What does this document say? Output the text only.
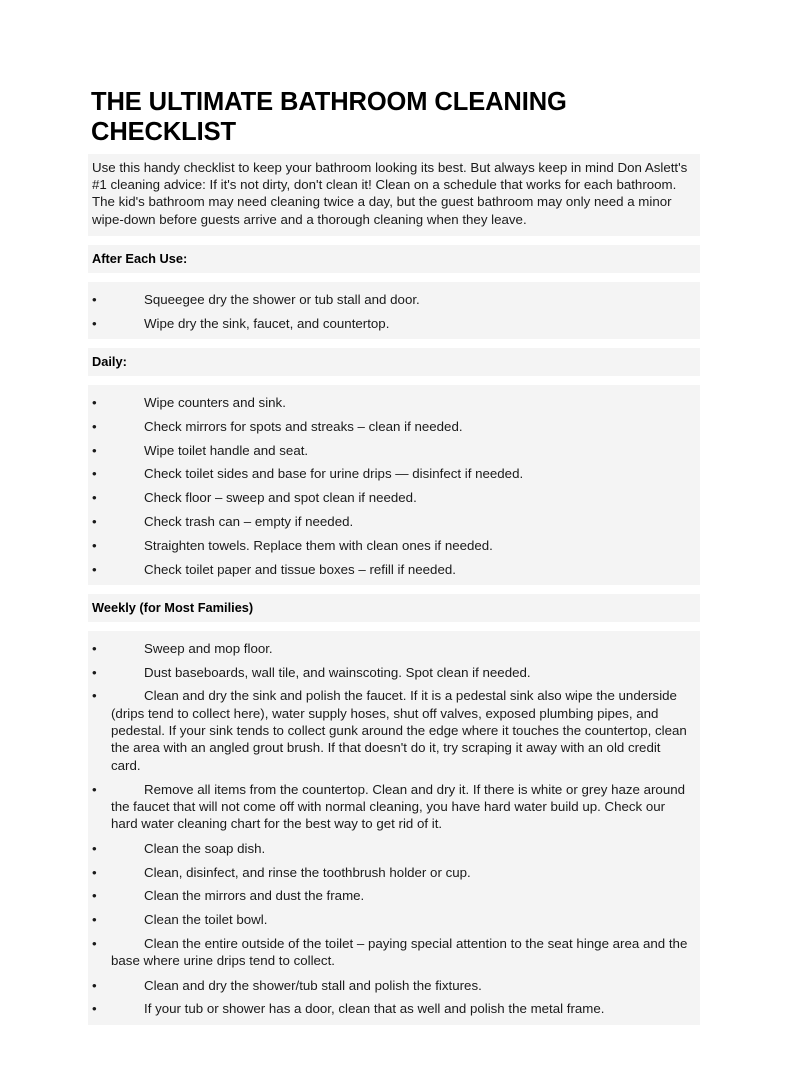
THE ULTIMATE BATHROOM CLEANING CHECKLIST

Use this handy checklist to keep your bathroom looking its best. But always keep in mind Don Aslett's #1 cleaning advice: If it's not dirty, don't clean it! Clean on a schedule that works for each bathroom. The kid's bathroom may need cleaning twice a day, but the guest bathroom may only need a minor wipe-down before guests arrive and a thorough cleaning when they leave.

After Each Use:
•	Squeegee dry the shower or tub stall and door.
•	Wipe dry the sink, faucet, and countertop.
Daily:
•	Wipe counters and sink.
•	Check mirrors for spots and streaks – clean if needed.
•	Wipe toilet handle and seat.
•	Check toilet sides and base for urine drips — disinfect if needed.
•	Check floor – sweep and spot clean if needed.
•	Check trash can – empty if needed.
•	Straighten towels. Replace them with clean ones if needed.
•	Check toilet paper and tissue boxes – refill if needed.
Weekly (for Most Families)
•	Sweep and mop floor.
•	Dust baseboards, wall tile, and wainscoting. Spot clean if needed.
•	Clean and dry the sink and polish the faucet. If it is a pedestal sink also wipe the underside (drips tend to collect here), water supply hoses, shut off valves, exposed plumbing pipes, and pedestal. If your sink tends to collect gunk around the edge where it touches the countertop, clean the area with an angled grout brush. If that doesn't do it, try scraping it away with an old credit card.
•	Remove all items from the countertop. Clean and dry it. If there is white or grey haze around the faucet that will not come off with normal cleaning, you have hard water build up. Check our hard water cleaning chart for the best way to get rid of it.
•	Clean the soap dish.
•	Clean, disinfect, and rinse the toothbrush holder or cup.
•	Clean the mirrors and dust the frame.
•	Clean the toilet bowl.
•	Clean the entire outside of the toilet – paying special attention to the seat hinge area and the base where urine drips tend to collect.
•	Clean and dry the shower/tub stall and polish the fixtures.
•	If your tub or shower has a door, clean that as well and polish the metal frame.
